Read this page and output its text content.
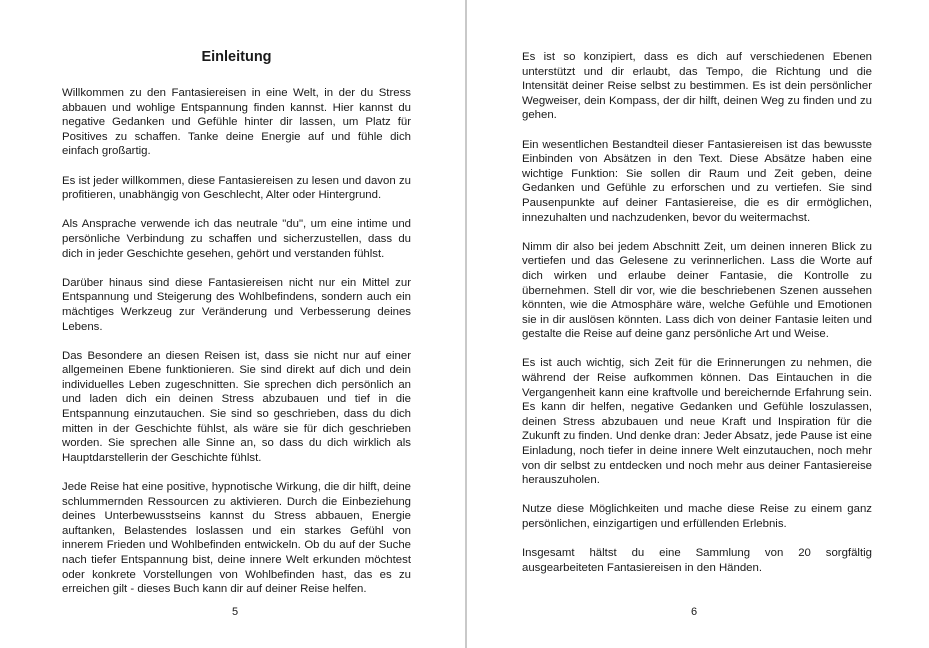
Einleitung

Willkommen zu den Fantasiereisen in eine Welt, in der du Stress abbauen und wohlige Entspannung finden kannst. Hier kannst du negative Gedanken und Gefühle hinter dir lassen, um Platz für Positives zu schaffen. Tanke deine Energie auf und fühle dich einfach großartig.

Es ist jeder willkommen, diese Fantasiereisen zu lesen und davon zu profitieren, unabhängig von Geschlecht, Alter oder Hintergrund.

Als Ansprache verwende ich das neutrale "du", um eine intime und persönliche Verbindung zu schaffen und sicherzustellen, dass du dich in jeder Geschichte gesehen, gehört und verstanden fühlst.

Darüber hinaus sind diese Fantasiereisen nicht nur ein Mittel zur Entspannung und Steigerung des Wohlbefindens, sondern auch ein mächtiges Werkzeug zur Veränderung und Verbesserung deines Lebens.

Das Besondere an diesen Reisen ist, dass sie nicht nur auf einer allgemeinen Ebene funktionieren. Sie sind direkt auf dich und dein individuelles Leben zugeschnitten. Sie sprechen dich persönlich an und laden dich ein deinen Stress abzubauen und tief in die Entspannung einzutauchen. Sie sind so geschrieben, dass du dich mitten in der Geschichte fühlst, als wäre sie für dich geschrieben worden. Sie sprechen alle Sinne an, so dass du dich wirklich als Hauptdarstellerin der Geschichte fühlst.

Jede Reise hat eine positive, hypnotische Wirkung, die dir hilft, deine schlummernden Ressourcen zu aktivieren. Durch die Einbeziehung deines Unterbewusstseins kannst du Stress abbauen, Energie auftanken, Belastendes loslassen und ein starkes Gefühl von innerem Frieden und Wohlbefinden entwickeln. Ob du auf der Suche nach tiefer Entspannung bist, deine innere Welt erkunden möchtest oder konkrete Vorstellungen von Wohlbefinden hast, das es zu erreichen gilt - dieses Buch kann dir auf deiner Reise helfen.

5

Es ist so konzipiert, dass es dich auf verschiedenen Ebenen unterstützt und dir erlaubt, das Tempo, die Richtung und die Intensität deiner Reise selbst zu bestimmen. Es ist dein persönlicher Wegweiser, dein Kompass, der dir hilft, deinen Weg zu finden und zu gehen.

Ein wesentlichen Bestandteil dieser Fantasiereisen ist das bewusste Einbinden von Absätzen in den Text. Diese Absätze haben eine wichtige Funktion: Sie sollen dir Raum und Zeit geben, deine Gedanken und Gefühle zu erforschen und zu vertiefen. Sie sind Pausenpunkte auf deiner Fantasiereise, die es dir ermöglichen, innezuhalten und nachzudenken, bevor du weitermachst.

Nimm dir also bei jedem Abschnitt Zeit, um deinen inneren Blick zu vertiefen und das Gelesene zu verinnerlichen. Lass die Worte auf dich wirken und erlaube deiner Fantasie, die Kontrolle zu übernehmen. Stell dir vor, wie die beschriebenen Szenen aussehen könnten, wie die Atmosphäre wäre, welche Gefühle und Emotionen sie in dir auslösen könnten. Lass dich von deiner Fantasie leiten und gestalte die Reise auf deine ganz persönliche Art und Weise.

Es ist auch wichtig, sich Zeit für die Erinnerungen zu nehmen, die während der Reise aufkommen können. Das Eintauchen in die Vergangenheit kann eine kraftvolle und bereichernde Erfahrung sein. Es kann dir helfen, negative Gedanken und Gefühle loszulassen, deinen Stress abzubauen und neue Kraft und Inspiration für die Zukunft zu finden. Und denke dran: Jeder Absatz, jede Pause ist eine Einladung, noch tiefer in deine innere Welt einzutauchen, noch mehr von dir selbst zu entdecken und noch mehr aus deiner Fantasiereise herauszuholen.

Nutze diese Möglichkeiten und mache diese Reise zu einem ganz persönlichen, einzigartigen und erfüllenden Erlebnis.

Insgesamt hältst du eine Sammlung von 20 sorgfältig ausgearbeiteten Fantasiereisen in den Händen.

6
